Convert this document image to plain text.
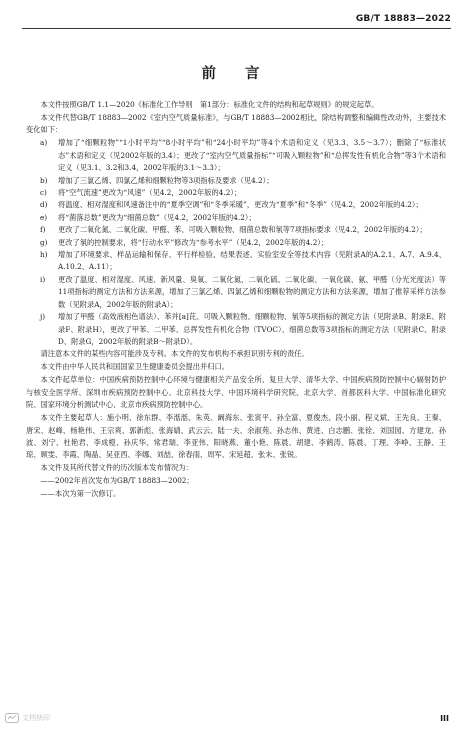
GB/T 18883—2022
前 言

本文件按照GB/T 1.1—2020《标准化工作导则　第1部分：标准化文件的结构和起草规则》的规定起草。

本文件代替GB/T 18883—2002《室内空气质量标准》，与GB/T 18883—2002相比，除结构调整和编辑性改动外，主要技术变化如下：

a)	增加了“细颗粒物”“1小时平均”“8小时平均”和“24小时平均”等4个术语和定义（见3.3、3.5～3.7）；删除了“标准状态”术语和定义（见2002年版的3.4）；更改了“室内空气质量指标”“可吸入颗粒物”和“总挥发性有机化合物”等3个术语和定义（见3.1、3.2和3.4，2002年版的3.1～3.3）；
b)	增加了三氯乙烯、四氯乙烯和细颗粒物等3项指标及要求（见4.2）；
c)	将“空气流速”更改为“风速”（见4.2，2002年版的4.2）；
d)	将温度、相对湿度和风速备注中的“夏季空调”和“冬季采暖”，更改为“夏季”和“冬季”（见4.2，2002年版的4.2）；
e)	将“菌落总数”更改为“细菌总数”（见4.2，2002年版的4.2）；
f)	更改了二氧化氮、二氧化碳、甲醛、苯、可吸入颗粒物、细菌总数和氡等7项指标要求（见4.2，2002年版的4.2）；
g)	更改了氡的控制要求，将“行动水平”修改为“参考水平”（见4.2，2002年版的4.2）；
h)	增加了环境要求、样品运输和保存、平行样检验、结果表述、实验室安全等技术内容（见附录A的A.2.1、A.7、A.9.4、A.10.2、A.11）；
i)	更改了温度、相对湿度、风速、新风量、臭氧、二氧化氮、二氧化硫、二氧化碳、一氧化碳、氨、甲醛（分光光度法）等11项指标的测定方法和方法来源，增加了三氯乙烯、四氯乙烯和细颗粒物的测定方法和方法来源，增加了推荐采样方法参数（见附录A，2002年版的附录A）；
j)	增加了甲醛（高效液相色谱法）、苯并[a]芘、可吸入颗粒物、细颗粒物、氡等5项指标的测定方法（见附录B、附录E、附录F、附录H），更改了甲苯、二甲苯、总挥发性有机化合物（TVOC）、细菌总数等3项指标的测定方法（见附录C、附录D、附录G，2002年版的附录B～附录D）。

请注意本文件的某些内容可能涉及专利。本文件的发布机构不承担识别专利的责任。

本文件由中华人民共和国国家卫生健康委员会提出并归口。

本文件起草单位：中国疾病预防控制中心环境与健康相关产品安全所、复旦大学、清华大学、中国疾病预防控制中心辐射防护与核安全医学所、深圳市疾病预防控制中心、北京科技大学、中国环境科学研究院、北京大学、首都医科大学、中国标准化研究院、国家环境分析测试中心、北京市疾病预防控制中心。

本文件主要起草人：施小明、徐东群、李湉湉、朱英、阚海东、张寅平、孙全富、夏俊杰、段小丽、程义斌、王先良、王秦、唐宋、赵峰、杨艳伟、王宗爽、郭新彪、张海婧、武云云、陆一夫、余淑苑、孙志伟、黄进、白志鹏、张铨、刘国园、方建龙、孙波、刘宁、杜艳君、李成橙、孙庆华、常君瑞、李亚伟、阳晓燕、董小艳、陈晨、胡建、李鹤涛、陈晨、丁理、李峥、王静、王琼、顾雯、李霞、陶晶、吴亚西、李娜、刘喆、徐春雨、周军、宋延超、张未、张锐。

本文件及其所代替文件的历次版本发布情况为：

——2002年首次发布为GB/T 18883—2002；
——本次为第一次修订。
文档快印	III
